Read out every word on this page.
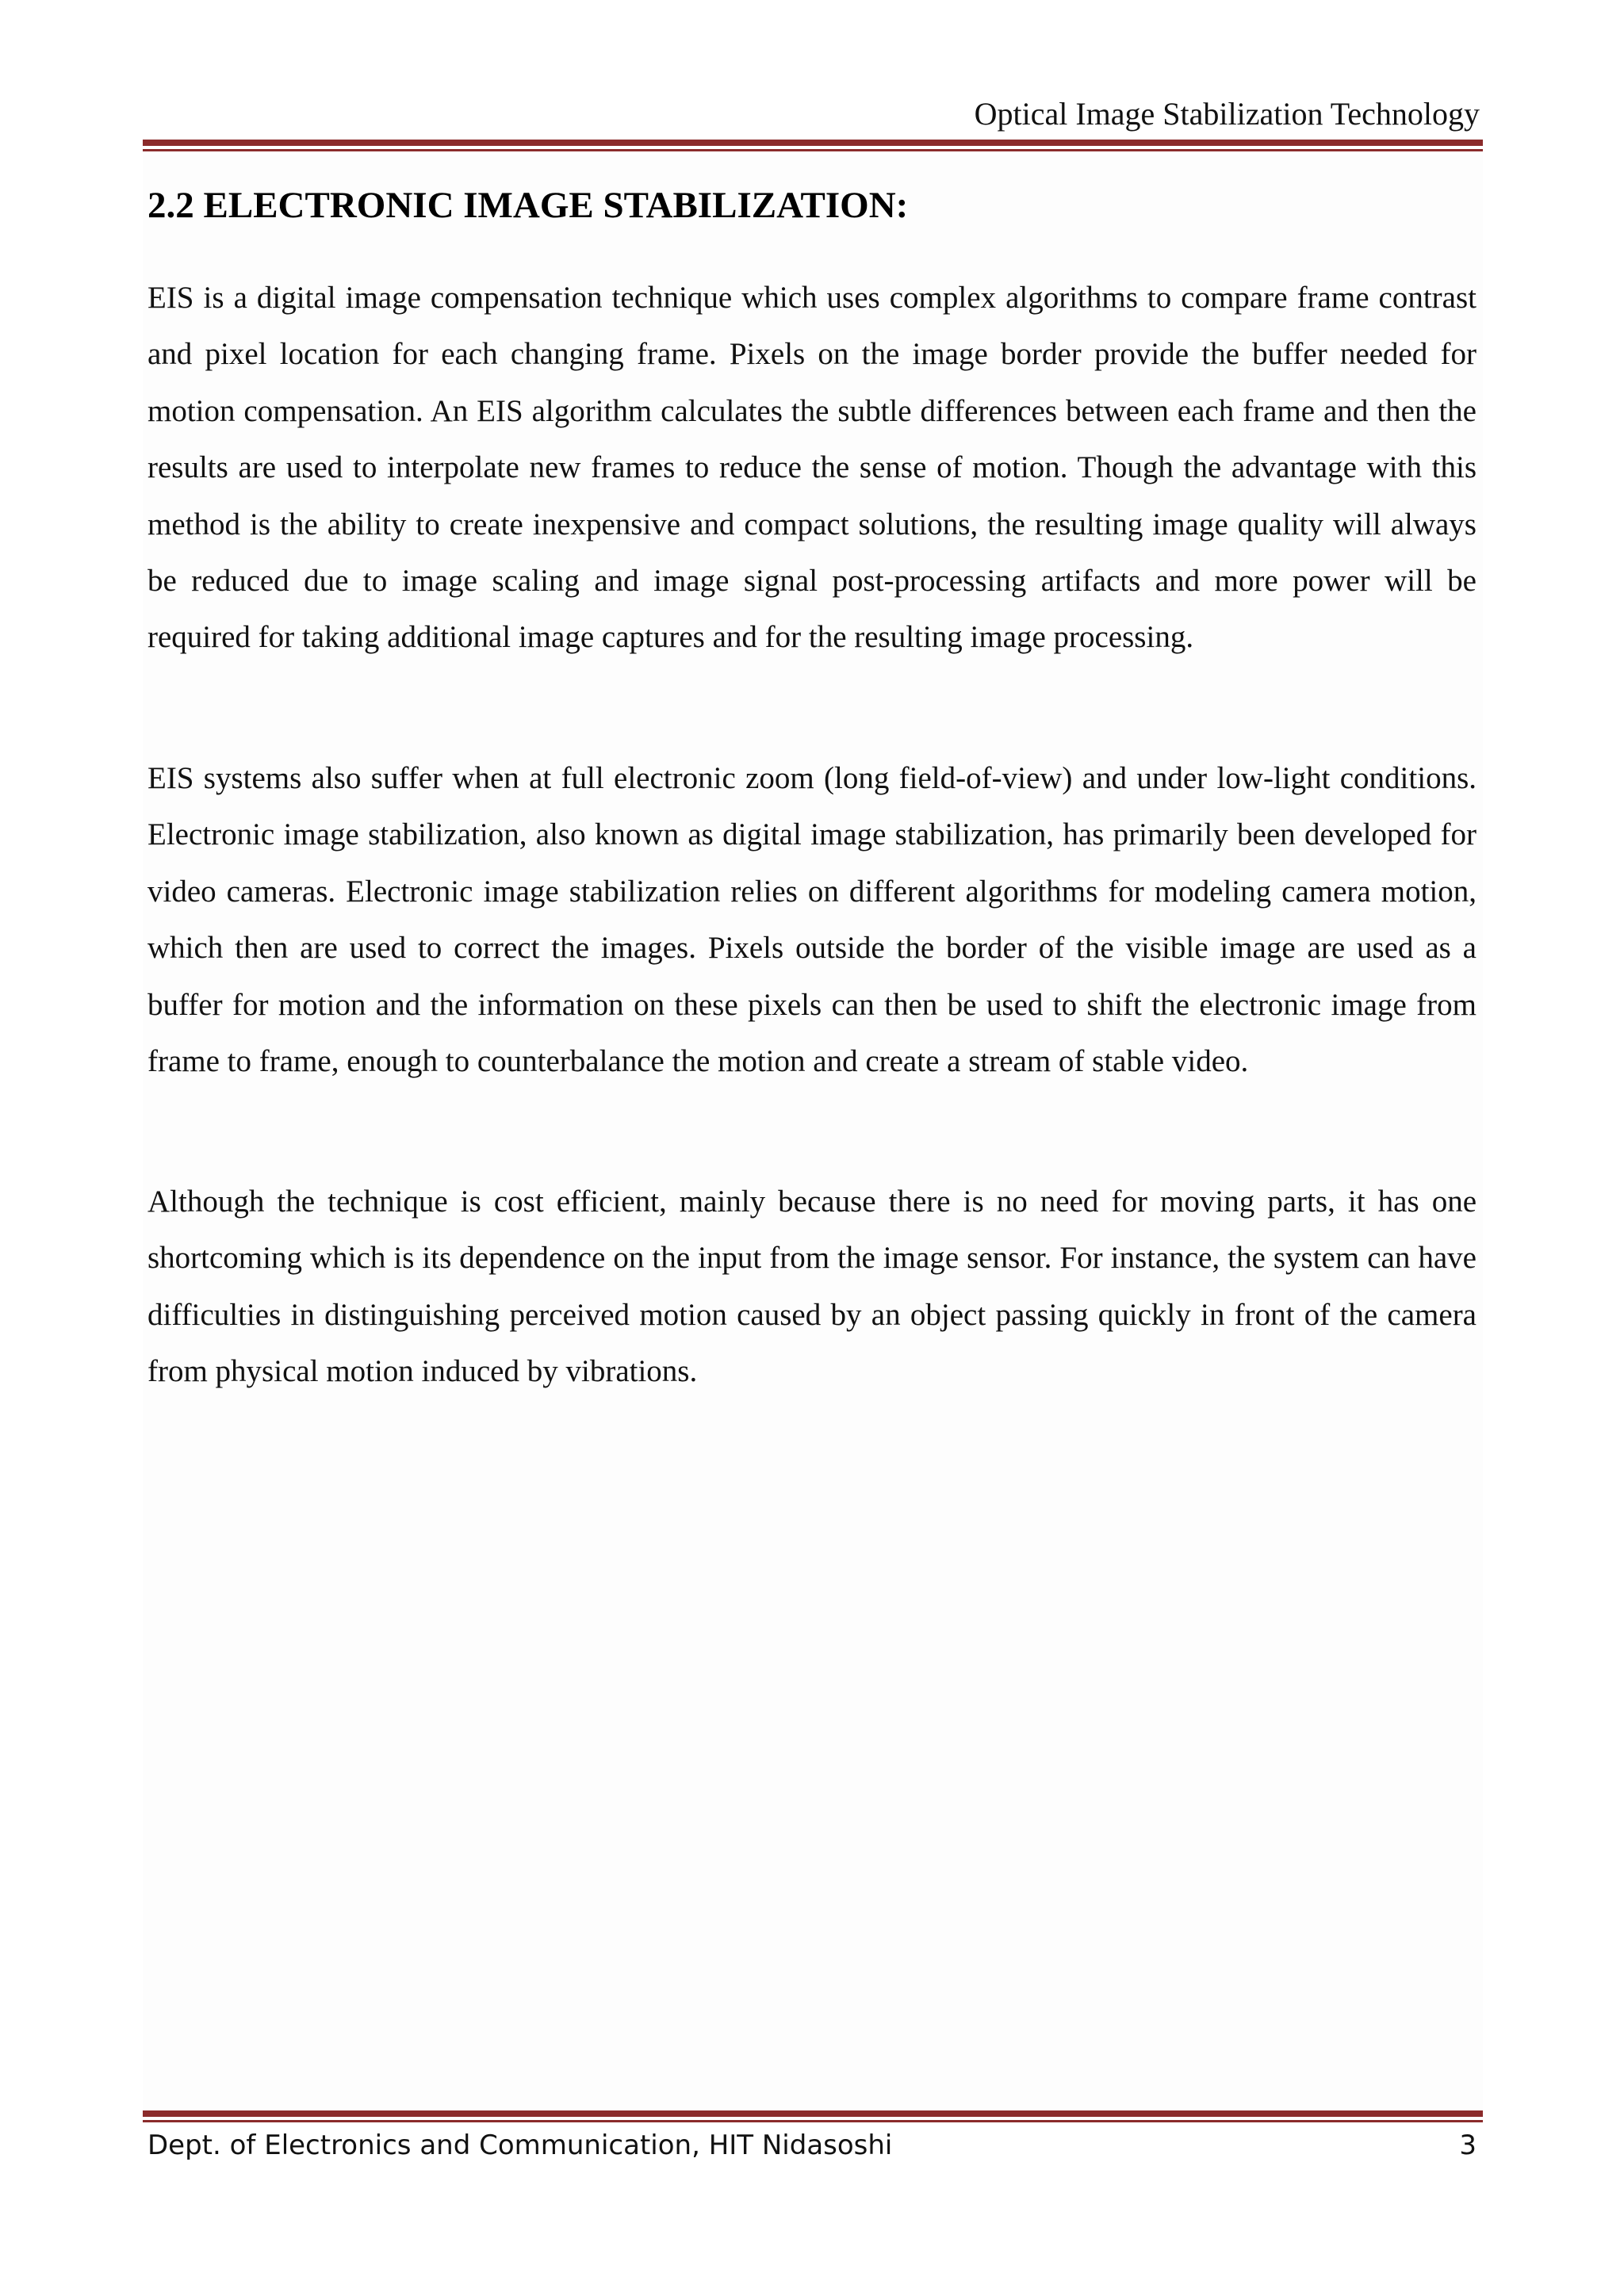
Optical Image Stabilization Technology
2.2 ELECTRONIC IMAGE STABILIZATION:

EIS is a digital image compensation technique which uses complex algorithms to compare frame contrast and pixel location for each changing frame. Pixels on the image border provide the buffer needed for motion compensation. An EIS algorithm calculates the subtle differences between each frame and then the results are used to interpolate new frames to reduce the sense of motion. Though the advantage with this method is the ability to create inexpensive and compact solutions, the resulting image quality will always be reduced due to image scaling and image signal post-processing artifacts and more power will be required for taking additional image captures and for the resulting image processing.

EIS systems also suffer when at full electronic zoom (long field-of-view) and under low-light conditions. Electronic image stabilization, also known as digital image stabilization, has primarily been developed for video cameras. Electronic image stabilization relies on different algorithms for modeling camera motion, which then are used to correct the images. Pixels outside the border of the visible image are used as a buffer for motion and the information on these pixels can then be used to shift the electronic image from frame to frame, enough to counterbalance the motion and create a stream of stable video.

Although the technique is cost efficient, mainly because there is no need for moving parts, it has one shortcoming which is its dependence on the input from the image sensor. For instance, the system can have difficulties in distinguishing perceived motion caused by an object passing quickly in front of the camera from physical motion induced by vibrations.

Dept. of Electronics and Communication, HIT Nidasoshi	3
